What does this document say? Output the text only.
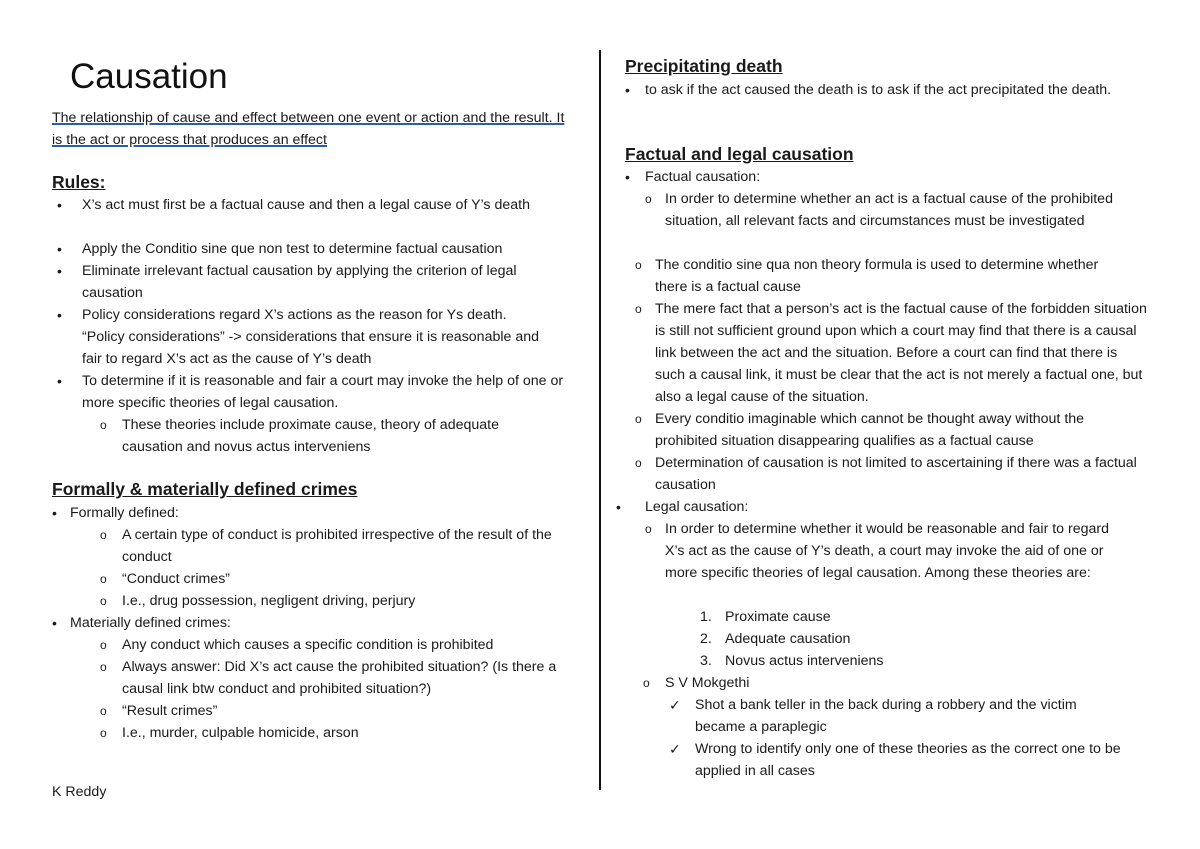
Causation
The relationship of cause and effect between one event or action and the result. It is the act or process that produces an effect
Rules:
• X’s act must first be a factual cause and then a legal cause of Y’s death
• Apply the Conditio sine que non test to determine factual causation
• Eliminate irrelevant factual causation by applying the criterion of legal causation
• Policy considerations regard X’s actions as the reason for Ys death. “Policy considerations” -> considerations that ensure it is reasonable and fair to regard X’s act as the cause of Y’s death
• To determine if it is reasonable and fair a court may invoke the help of one or more specific theories of legal causation.
o These theories include proximate cause, theory of adequate causation and novus actus interveniens
Formally & materially defined crimes
• Formally defined:
o A certain type of conduct is prohibited irrespective of the result of the conduct
o “Conduct crimes”
o I.e., drug possession, negligent driving, perjury
• Materially defined crimes:
o Any conduct which causes a specific condition is prohibited
o Always answer: Did X’s act cause the prohibited situation? (Is there a causal link btw conduct and prohibited situation?)
o “Result crimes”
o I.e., murder, culpable homicide, arson
K Reddy
Precipitating death
• to ask if the act caused the death is to ask if the act precipitated the death.
Factual and legal causation
• Factual causation:
o In order to determine whether an act is a factual cause of the prohibited situation, all relevant facts and circumstances must be investigated
o The conditio sine qua non theory formula is used to determine whether there is a factual cause
o The mere fact that a person’s act is the factual cause of the forbidden situation is still not sufficient ground upon which a court may find that there is a causal link between the act and the situation. Before a court can find that there is such a causal link, it must be clear that the act is not merely a factual one, but also a legal cause of the situation.
o Every conditio imaginable which cannot be thought away without the prohibited situation disappearing qualifies as a factual cause
o Determination of causation is not limited to ascertaining if there was a factual causation
• Legal causation:
o In order to determine whether it would be reasonable and fair to regard X’s act as the cause of Y’s death, a court may invoke the aid of one or more specific theories of legal causation. Among these theories are:
1. Proximate cause
2. Adequate causation
3. Novus actus interveniens
o S V Mokgethi
✓ Shot a bank teller in the back during a robbery and the victim became a paraplegic
✓ Wrong to identify only one of these theories as the correct one to be applied in all cases
